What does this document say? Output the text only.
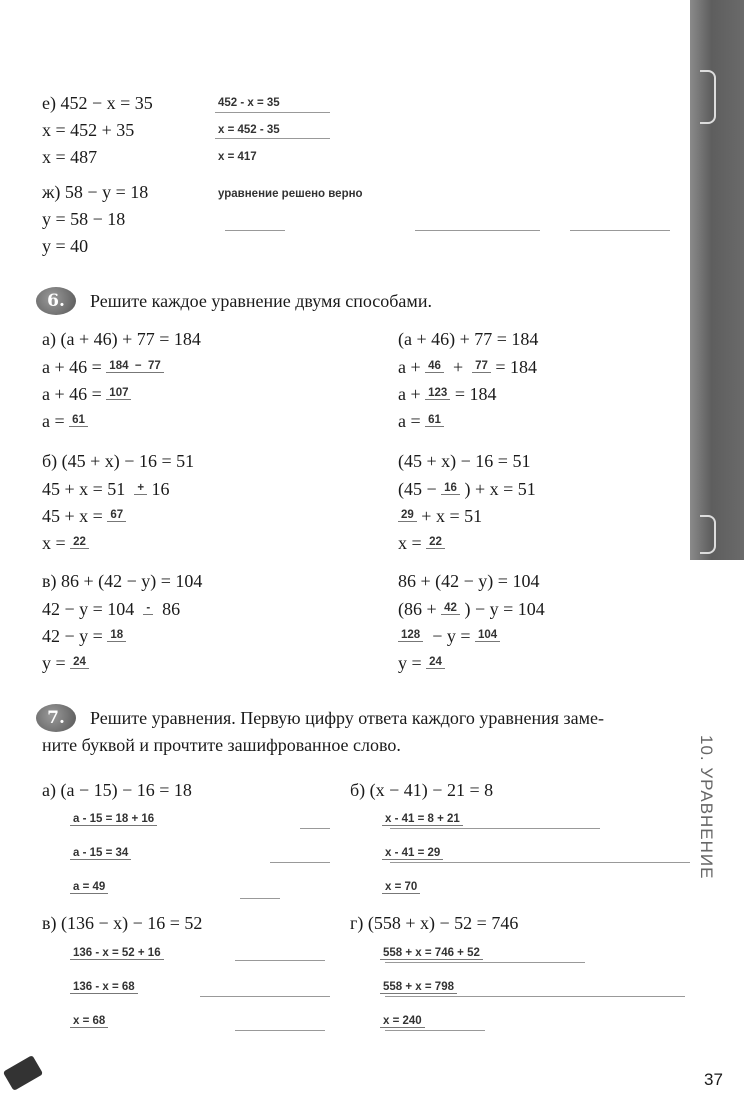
6.	Решите каждое уравнение двумя способами.
7.	Решите уравнения. Первую цифру ответа каждого уравнения заме-
ните буквой и прочтите зашифрованное слово.	10. УРАВНЕНИЕ
37
е) 452 − x = 35
x = 452 + 35
x = 487
$^{452 - x = 35}$
$^{x = 452 - 35}$
$^{x = 417}$
ж) 58 − y = 18
y = 58 − 18
y = 40
$^{уравнение решено верно}$
а) (a + 46) + 77 = 184
a + 46 = $^{184 - 77}$
a + 46 = $^{107}$
a = $^{61}$
(a + 46) + 77 = 184
a + $^{46}$  +  $^{77}$ = 184
a + $^{123}$ = 184
a = $^{61}$
б) (45 + x) − 16 = 51
45 + x = 51  + 16
45 + x = $^{67}$
x = $^{22}$
(45 + x) − 16 = 51
(45 − $^{16}$ ) + x = 51
$^{29}$ + x = 51
x = $^{22}$
в) 86 + (42 − y) = 104
42 − y = 104  -  86
42 − y = $^{18}$
y = $^{24}$
86 + (42 − y) = 104
(86 + $^{42}$ ) − y = 104
$^{128}$  − y = $^{104}$
y = $^{24}$
а) (a − 15) − 16 = 18
$^{a - 15 = 18 + 16}$
$^{a - 15 = 34}$
$^{a = 49}$
б) (x − 41) − 21 = 8
$^{x - 41 = 8 + 21}$
$^{x - 41 = 29}$
$^{x = 70}$
в) (136 − x) − 16 = 52
$^{136 - x = 52 + 16}$
$^{136 - x = 68}$
$^{x = 68}$
г) (558 + x) − 52 = 746
$^{558 + x = 746 + 52}$
$^{558 + x = 798}$
$^{x = 240}$
